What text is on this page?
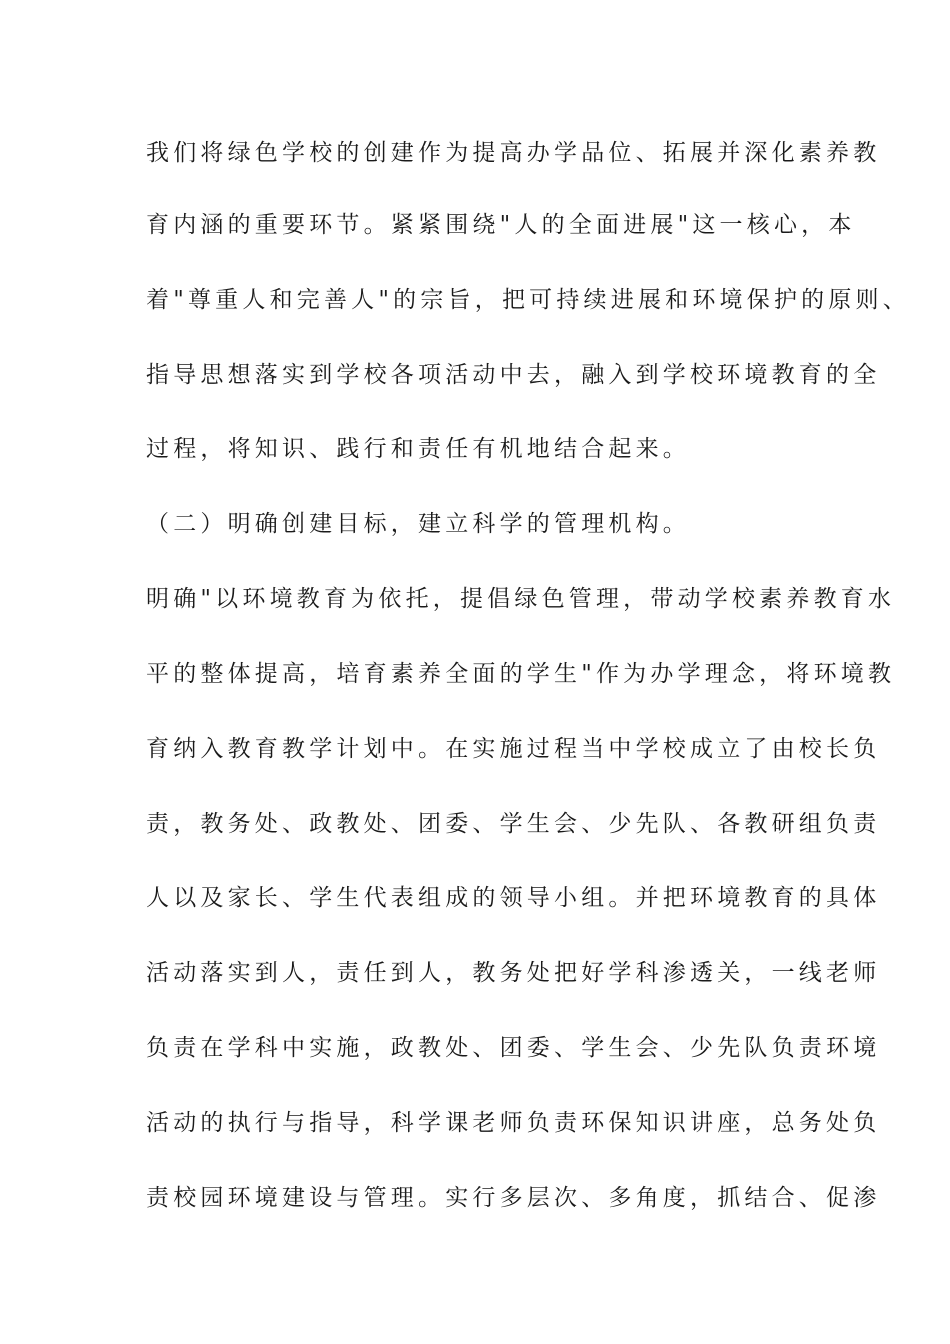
我们将绿色学校的创建作为提高办学品位、拓展并深化素养教
育内涵的重要环节。紧紧围绕"人的全面进展"这一核心，本
着"尊重人和完善人"的宗旨，把可持续进展和环境保护的原则、
指导思想落实到学校各项活动中去，融入到学校环境教育的全
过程，将知识、践行和责任有机地结合起来。
（二）明确创建目标，建立科学的管理机构。
明确"以环境教育为依托，提倡绿色管理，带动学校素养教育水
平的整体提高，培育素养全面的学生"作为办学理念，将环境教
育纳入教育教学计划中。在实施过程当中学校成立了由校长负
责，教务处、政教处、团委、学生会、少先队、各教研组负责
人以及家长、学生代表组成的领导小组。并把环境教育的具体
活动落实到人，责任到人，教务处把好学科渗透关，一线老师
负责在学科中实施，政教处、团委、学生会、少先队负责环境
活动的执行与指导，科学课老师负责环保知识讲座，总务处负
责校园环境建设与管理。实行多层次、多角度，抓结合、促渗
